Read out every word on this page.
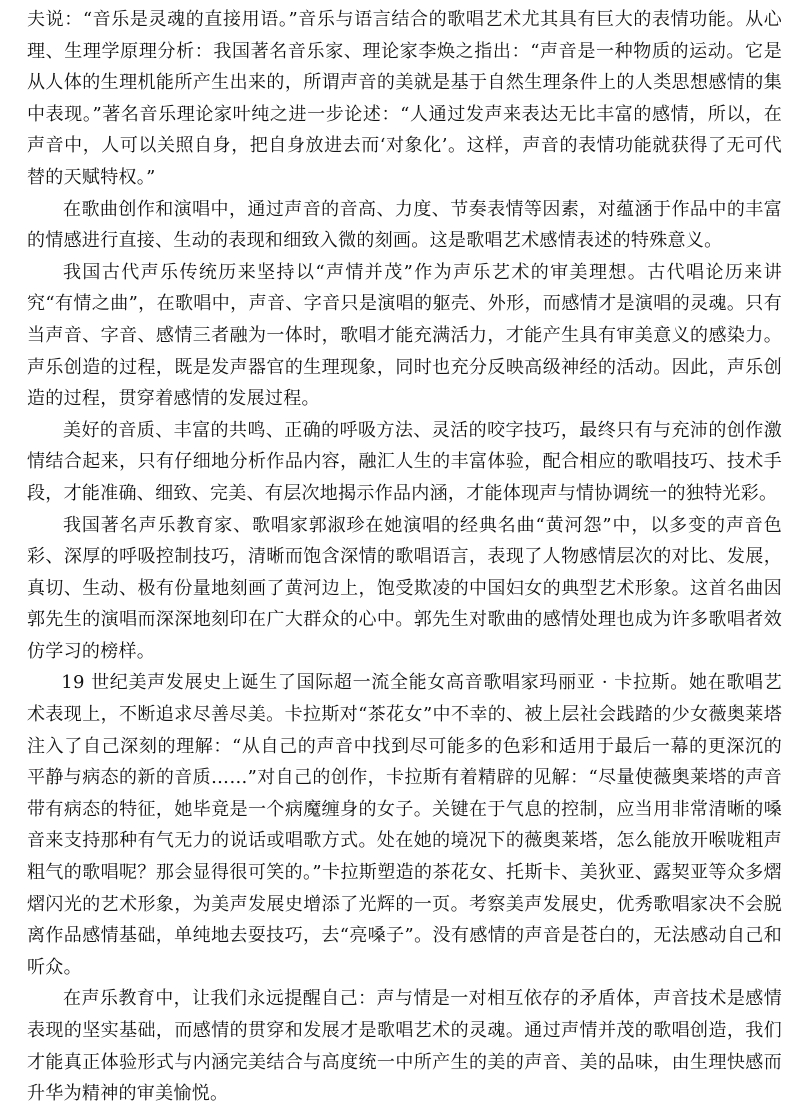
夫说：“音乐是灵魂的直接用语。”音乐与语言结合的歌唱艺术尤其具有巨大的表情功能。从心理、生理学原理分析：我国著名音乐家、理论家李焕之指出：“声音是一种物质的运动。它是从人体的生理机能所产生出来的，所谓声音的美就是基于自然生理条件上的人类思想感情的集中表现。”著名音乐理论家叶纯之进一步论述：“人通过发声来表达无比丰富的感情，所以，在声音中，人可以关照自身，把自身放进去而‘对象化’。这样，声音的表情功能就获得了无可代替的天赋特权。”

在歌曲创作和演唱中，通过声音的音高、力度、节奏表情等因素，对蕴涵于作品中的丰富的情感进行直接、生动的表现和细致入微的刻画。这是歌唱艺术感情表述的特殊意义。

我国古代声乐传统历来坚持以“声情并茂”作为声乐艺术的审美理想。古代唱论历来讲究“有情之曲”，在歌唱中，声音、字音只是演唱的躯壳、外形，而感情才是演唱的灵魂。只有当声音、字音、感情三者融为一体时，歌唱才能充满活力，才能产生具有审美意义的感染力。声乐创造的过程，既是发声器官的生理现象，同时也充分反映高级神经的活动。因此，声乐创造的过程，贯穿着感情的发展过程。

美好的音质、丰富的共鸣、正确的呼吸方法、灵活的咬字技巧，最终只有与充沛的创作激情结合起来，只有仔细地分析作品内容，融汇人生的丰富体验，配合相应的歌唱技巧、技术手段，才能准确、细致、完美、有层次地揭示作品内涵，才能体现声与情协调统一的独特光彩。

我国著名声乐教育家、歌唱家郭淑珍在她演唱的经典名曲“黄河怨”中，以多变的声音色彩、深厚的呼吸控制技巧，清晰而饱含深情的歌唱语言，表现了人物感情层次的对比、发展，真切、生动、极有份量地刻画了黄河边上，饱受欺凌的中国妇女的典型艺术形象。这首名曲因郭先生的演唱而深深地刻印在广大群众的心中。郭先生对歌曲的感情处理也成为许多歌唱者效仿学习的榜样。

19 世纪美声发展史上诞生了国际超一流全能女高音歌唱家玛丽亚 · 卡拉斯。她在歌唱艺术表现上，不断追求尽善尽美。卡拉斯对“茶花女”中不幸的、被上层社会践踏的少女薇奥莱塔注入了自己深刻的理解：“从自己的声音中找到尽可能多的色彩和适用于最后一幕的更深沉的平静与病态的新的音质……”对自己的创作，卡拉斯有着精辟的见解：“尽量使薇奥莱塔的声音带有病态的特征，她毕竟是一个病魔缠身的女子。关键在于气息的控制，应当用非常清晰的嗓音来支持那种有气无力的说话或唱歌方式。处在她的境况下的薇奥莱塔，怎么能放开喉咙粗声粗气的歌唱呢？那会显得很可笑的。”卡拉斯塑造的茶花女、托斯卡、美狄亚、露契亚等众多熠熠闪光的艺术形象，为美声发展史增添了光辉的一页。考察美声发展史，优秀歌唱家决不会脱离作品感情基础，单纯地去耍技巧，去“亮嗓子”。没有感情的声音是苍白的，无法感动自己和听众。

在声乐教育中，让我们永远提醒自己：声与情是一对相互依存的矛盾体，声音技术是感情表现的坚实基础，而感情的贯穿和发展才是歌唱艺术的灵魂。通过声情并茂的歌唱创造，我们才能真正体验形式与内涵完美结合与高度统一中所产生的美的声音、美的品味，由生理快感而升华为精神的审美愉悦。
